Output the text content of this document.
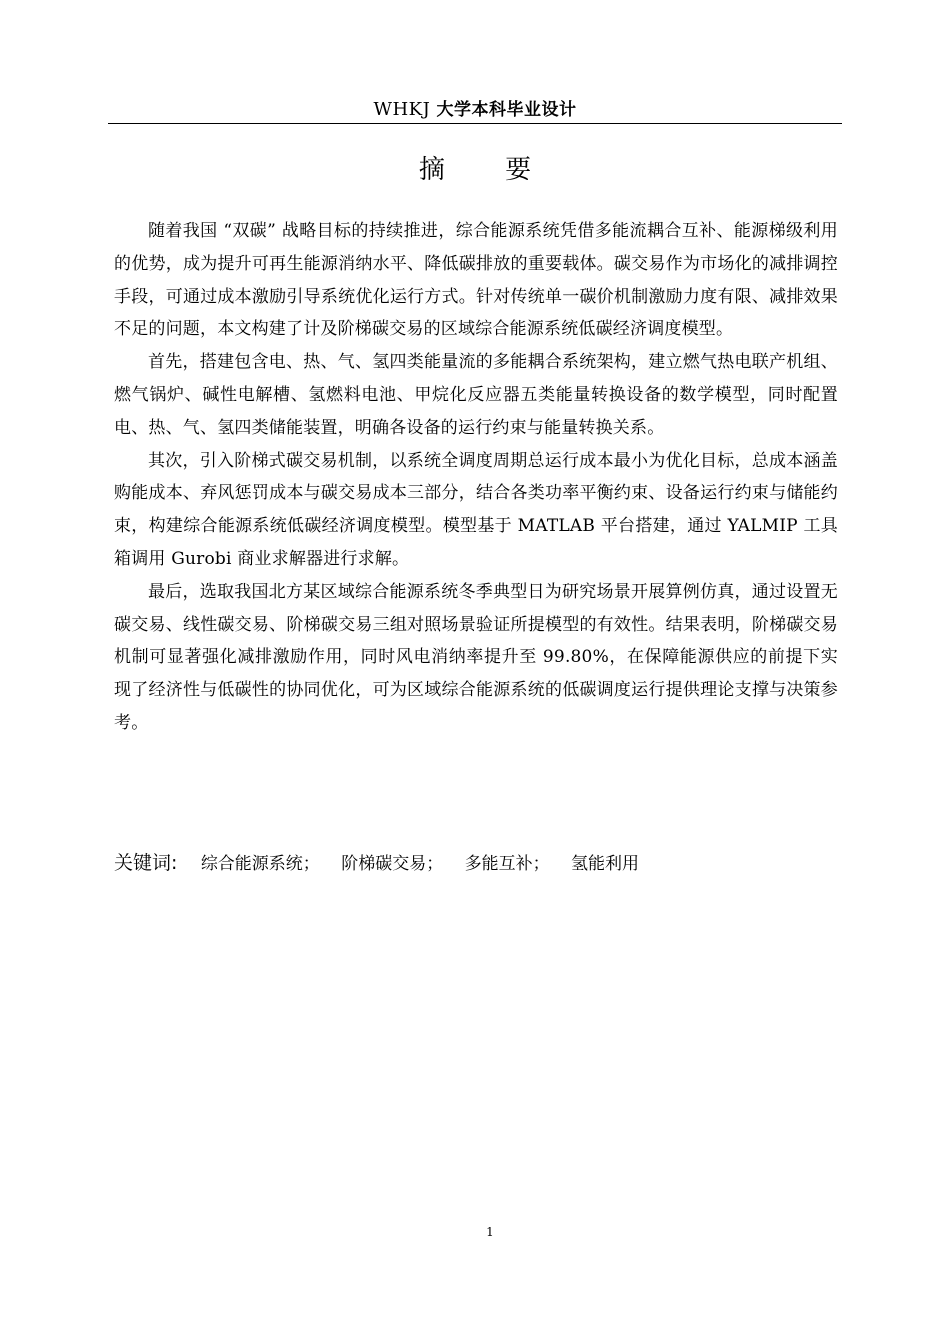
WHKJ 大学本科毕业设计
摘 要

随着我国 “双碳” 战略目标的持续推进，综合能源系统凭借多能流耦合互补、能源梯级利用的优势，成为提升可再生能源消纳水平、降低碳排放的重要载体。碳交易作为市场化的减排调控手段，可通过成本激励引导系统优化运行方式。针对传统单一碳价机制激励力度有限、减排效果不足的问题，本文构建了计及阶梯碳交易的区域综合能源系统低碳经济调度模型。

首先，搭建包含电、热、气、氢四类能量流的多能耦合系统架构，建立燃气热电联产机组、燃气锅炉、碱性电解槽、氢燃料电池、甲烷化反应器五类能量转换设备的数学模型，同时配置电、热、气、氢四类储能装置，明确各设备的运行约束与能量转换关系。

其次，引入阶梯式碳交易机制，以系统全调度周期总运行成本最小为优化目标，总成本涵盖购能成本、弃风惩罚成本与碳交易成本三部分，结合各类功率平衡约束、设备运行约束与储能约束，构建综合能源系统低碳经济调度模型。模型基于 MATLAB 平台搭建，通过 YALMIP 工具箱调用 Gurobi 商业求解器进行求解。

最后，选取我国北方某区域综合能源系统冬季典型日为研究场景开展算例仿真，通过设置无碳交易、线性碳交易、阶梯碳交易三组对照场景验证所提模型的有效性。结果表明，阶梯碳交易机制可显著强化减排激励作用，同时风电消纳率提升至 99.80%，在保障能源供应的前提下实现了经济性与低碳性的协同优化，可为区域综合能源系统的低碳调度运行提供理论支撑与决策参考。

关键词: 综合能源系统； 阶梯碳交易； 多能互补； 氢能利用
1
